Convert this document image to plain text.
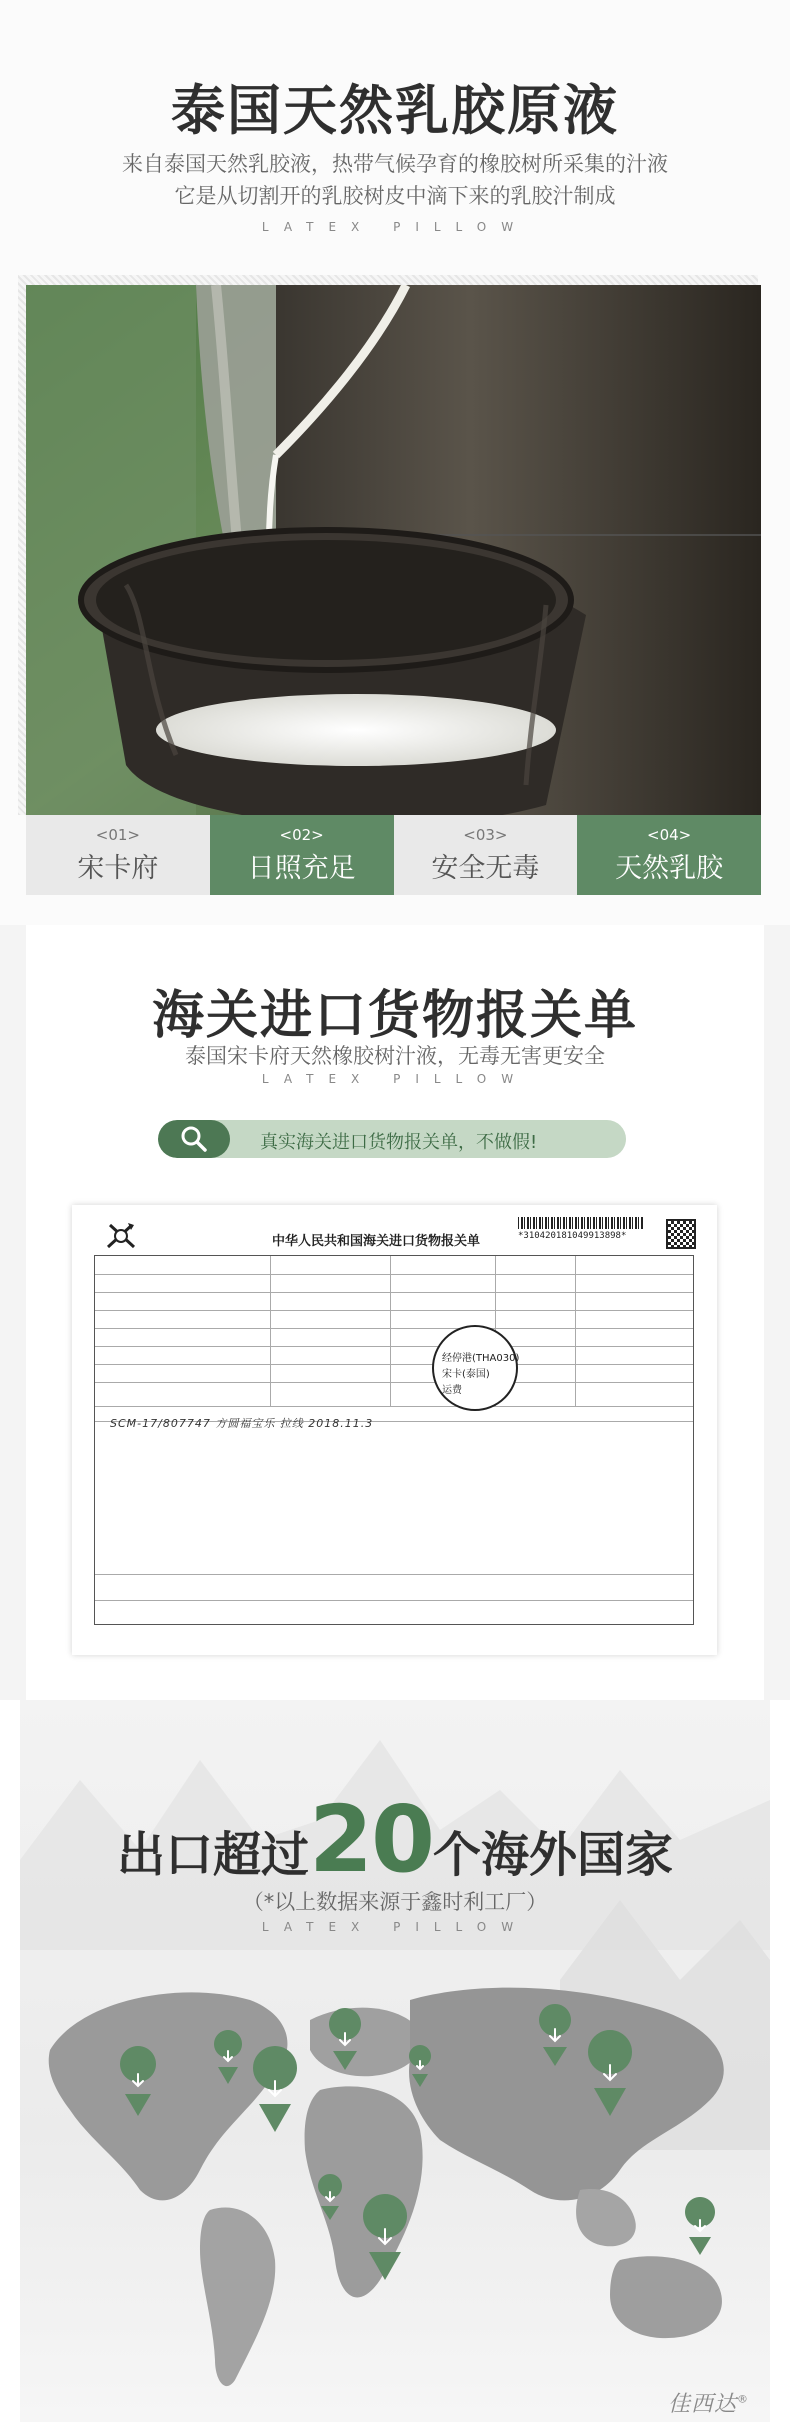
泰国天然乳胶原液

来自泰国天然乳胶液，热带气候孕育的橡胶树所采集的汁液

它是从切割开的乳胶树皮中滴下来的乳胶汁制成

LATEX PILLOW

<01>
宋卡府
<02>
日照充足
<03>
安全无毒
<04>
天然乳胶
海关进口货物报关单

泰国宋卡府天然橡胶树汁液，无毒无害更安全

LATEX PILLOW

真实海关进口货物报关单，不做假!
中华人民共和国海关进口货物报关单	*310420181049913898*
经停港(THA030)
宋卡(泰国)
运费
SCM-17/807747 方圆福宝乐 拉线 2018.11.3
出口超过20个海外国家

（*以上数据来源于鑫时利工厂）

LATEX PILLOW

佳西达®
